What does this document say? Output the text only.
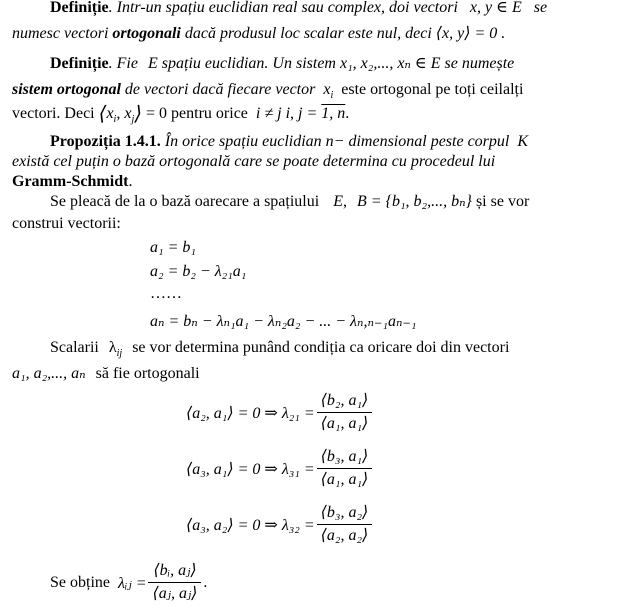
Definiție. Intr-un spațiu euclidian real sau complex, doi vectori x, y ∈ E se
numesc vectori ortogonali dacă produsul loc scalar este nul, deci ⟨x, y⟩ = 0 .
Definiție. Fie E spațiu euclidian. Un sistem x₁, x₂,..., xₙ ∈ E se numește
sistem ortogonal de vectori dacă fiecare vector $x_i$ este ortogonal pe toți ceilalți
vectori. Deci $⟨x_i$, $x_j⟩ = 0$ pentru orice i ≠ j i, j = 1, n.
Propoziția 1.4.1. În orice spațiu euclidian n− dimensional peste corpul K
există cel puțin o bază ortogonală care se poate determina cu procedeul lui
Gramm-Schmidt.
Se pleacă de la o bază oarecare a spațiului E, B = {b₁, b₂,..., bₙ} și se vor
construi vectorii:
a₁ = b₁
a₂ = b₂ − λ₂₁a₁
……
aₙ = bₙ − λₙ₁a₁ − λₙ₂a₂ − ... − λₙ,ₙ₋₁aₙ₋₁
Scalarii $\lambda_{ij}$ se vor determina punând condiția ca oricare doi din vectori
a₁, a₂,..., aₙ să fie ortogonali
⟨a₂, a₁⟩ = 0 ⇒ $\lambda_{21} = \frac{\text{⟨b₂, a₁⟩}}{\text{⟨a₁, a₁⟩}}$
⟨a₃, a₁⟩ = 0 ⇒ $\lambda_{31} = \frac{\text{⟨b₃, a₁⟩}}{\text{⟨a₁, a₁⟩}}$
⟨a₃, a₂⟩ = 0 ⇒ $\lambda_{32} = \frac{\text{⟨b₃, a₂⟩}}{\text{⟨a₂, a₂⟩}}$
Se obține λᵢⱼ = $\frac{\text{⟨bᵢ, aⱼ⟩}}{\text{⟨aⱼ, aⱼ⟩}}$ .
